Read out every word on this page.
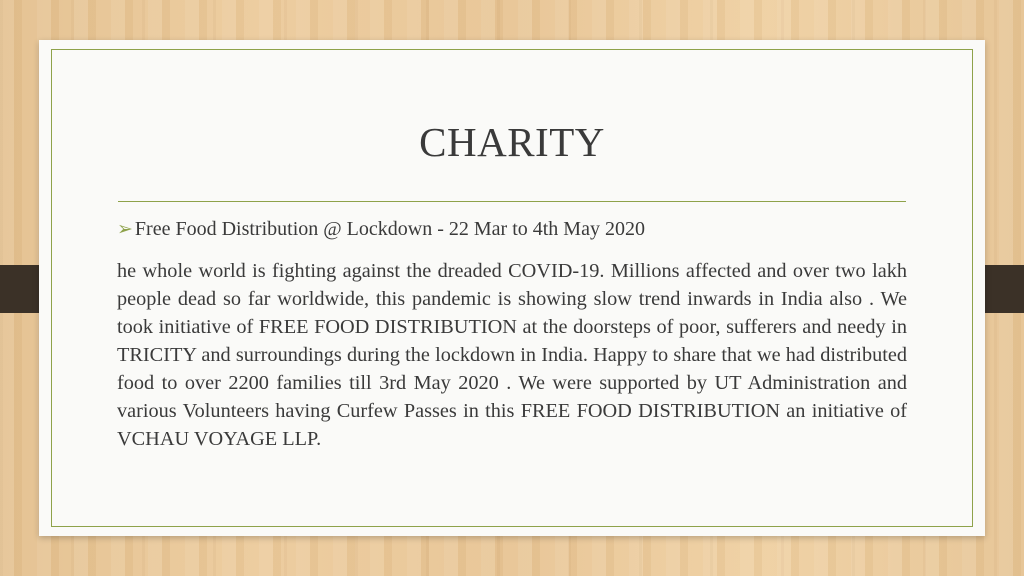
CHARITY
➢ Free Food Distribution @ Lockdown - 22 Mar to 4th May 2020

he whole world is fighting against the dreaded COVID-19. Millions affected and over two lakh people dead so far worldwide, this pandemic is showing slow trend inwards in India also . We took initiative of FREE FOOD DISTRIBUTION at the doorsteps of poor, sufferers and needy in TRICITY and surroundings during the lockdown in India. Happy to share that we had distributed food to over 2200 families till 3rd May 2020 . We were supported by UT Administration and various Volunteers having Curfew Passes in this FREE FOOD DISTRIBUTION an initiative of VCHAU VOYAGE LLP.
